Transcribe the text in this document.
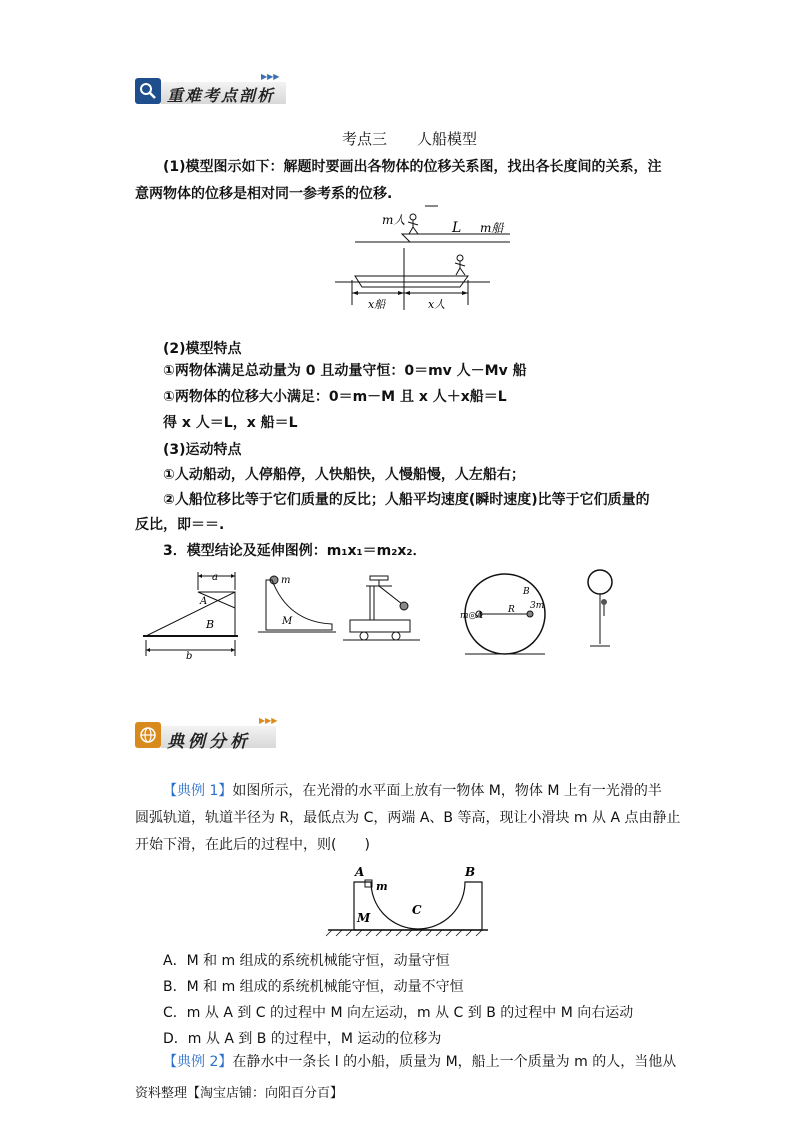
重难考点剖析
▶▶▶
考点三　　人船模型
(1)模型图示如下：解题时要画出各物体的位移关系图，找出各长度间的关系，注
意两物体的位移是相对同一参考系的位移.
m人	L m船
x船	x人
(2)模型特点
①两物体满足总动量为 0 且动量守恒：0＝mv 人－Mv 船
①两物体的位移大小满足：0＝m－M 且 x 人＋x船＝L
得 x 人＝L，x 船＝L
(3)运动特点
①人动船动，人停船停，人快船快，人慢船慢，人左船右；
②人船位移比等于它们质量的反比；人船平均速度(瞬时速度)比等于它们质量的
反比，即＝＝.
3．模型结论及延伸图例：m₁x₁＝m₂x₂．
a
A
B
b
m
M	m◎A
B
R 3m
典例分析
▶▶▶
【典例 1】如图所示，在光滑的水平面上放有一物体 M，物体 M 上有一光滑的半
圆弧轨道，轨道半径为 R，最低点为 C，两端 A、B 等高，现让小滑块 m 从 A 点由静止
开始下滑，在此后的过程中，则(　　)
A	B
m
C
M
A．M 和 m 组成的系统机械能守恒，动量守恒
B．M 和 m 组成的系统机械能守恒，动量不守恒
C．m 从 A 到 C 的过程中 M 向左运动，m 从 C 到 B 的过程中 M 向右运动
D．m 从 A 到 B 的过程中，M 运动的位移为
【典例 2】在静水中一条长 l 的小船，质量为 M，船上一个质量为 m 的人，当他从
资料整理【淘宝店铺：向阳百分百】
